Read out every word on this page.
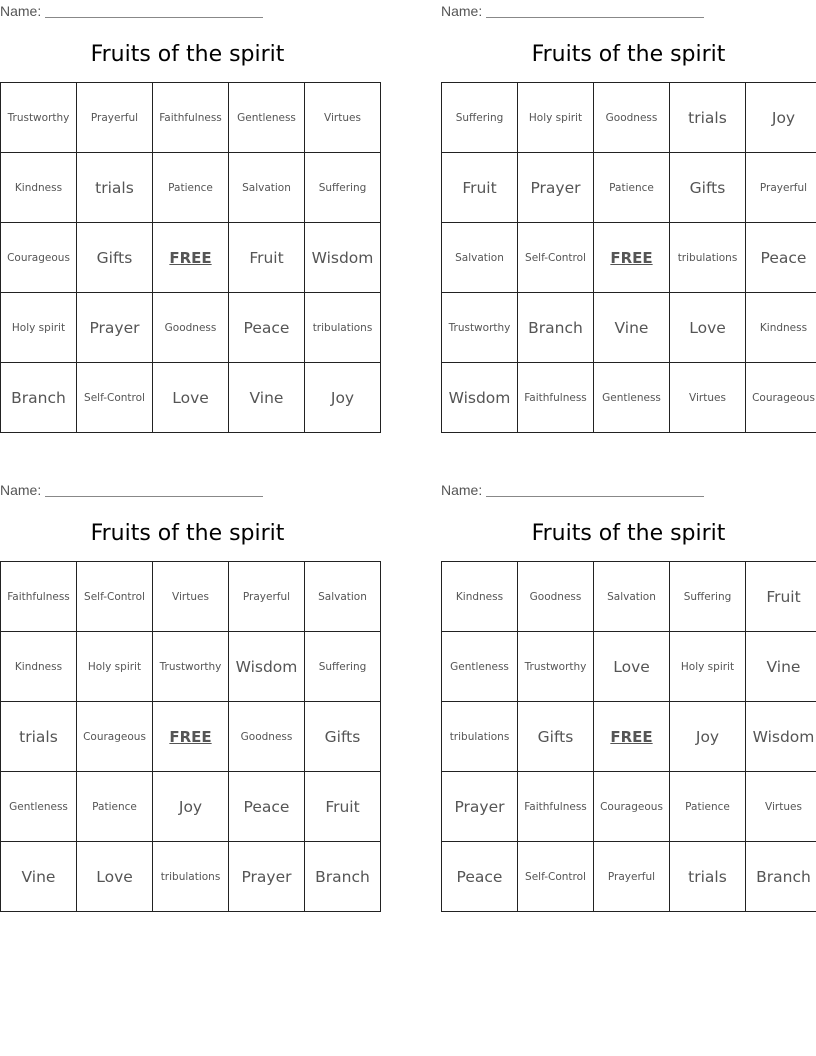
Name:
Fruits of the spirit
Trustworthy	Prayerful	Faithfulness	Gentleness	Virtues
Kindness	trials	Patience	Salvation	Suffering
Courageous	Gifts	FREE	Fruit	Wisdom
Holy spirit	Prayer	Goodness	Peace	tribulations
Branch	Self-Control	Love	Vine	Joy
Name:
Fruits of the spirit
Suffering	Holy spirit	Goodness	trials	Joy
Fruit	Prayer	Patience	Gifts	Prayerful
Salvation	Self-Control	FREE	tribulations	Peace
Trustworthy	Branch	Vine	Love	Kindness
Wisdom	Faithfulness	Gentleness	Virtues	Courageous
Name:
Fruits of the spirit
Faithfulness	Self-Control	Virtues	Prayerful	Salvation
Kindness	Holy spirit	Trustworthy	Wisdom	Suffering
trials	Courageous	FREE	Goodness	Gifts
Gentleness	Patience	Joy	Peace	Fruit
Vine	Love	tribulations	Prayer	Branch
Name:
Fruits of the spirit
Kindness	Goodness	Salvation	Suffering	Fruit
Gentleness	Trustworthy	Love	Holy spirit	Vine
tribulations	Gifts	FREE	Joy	Wisdom
Prayer	Faithfulness	Courageous	Patience	Virtues
Peace	Self-Control	Prayerful	trials	Branch
